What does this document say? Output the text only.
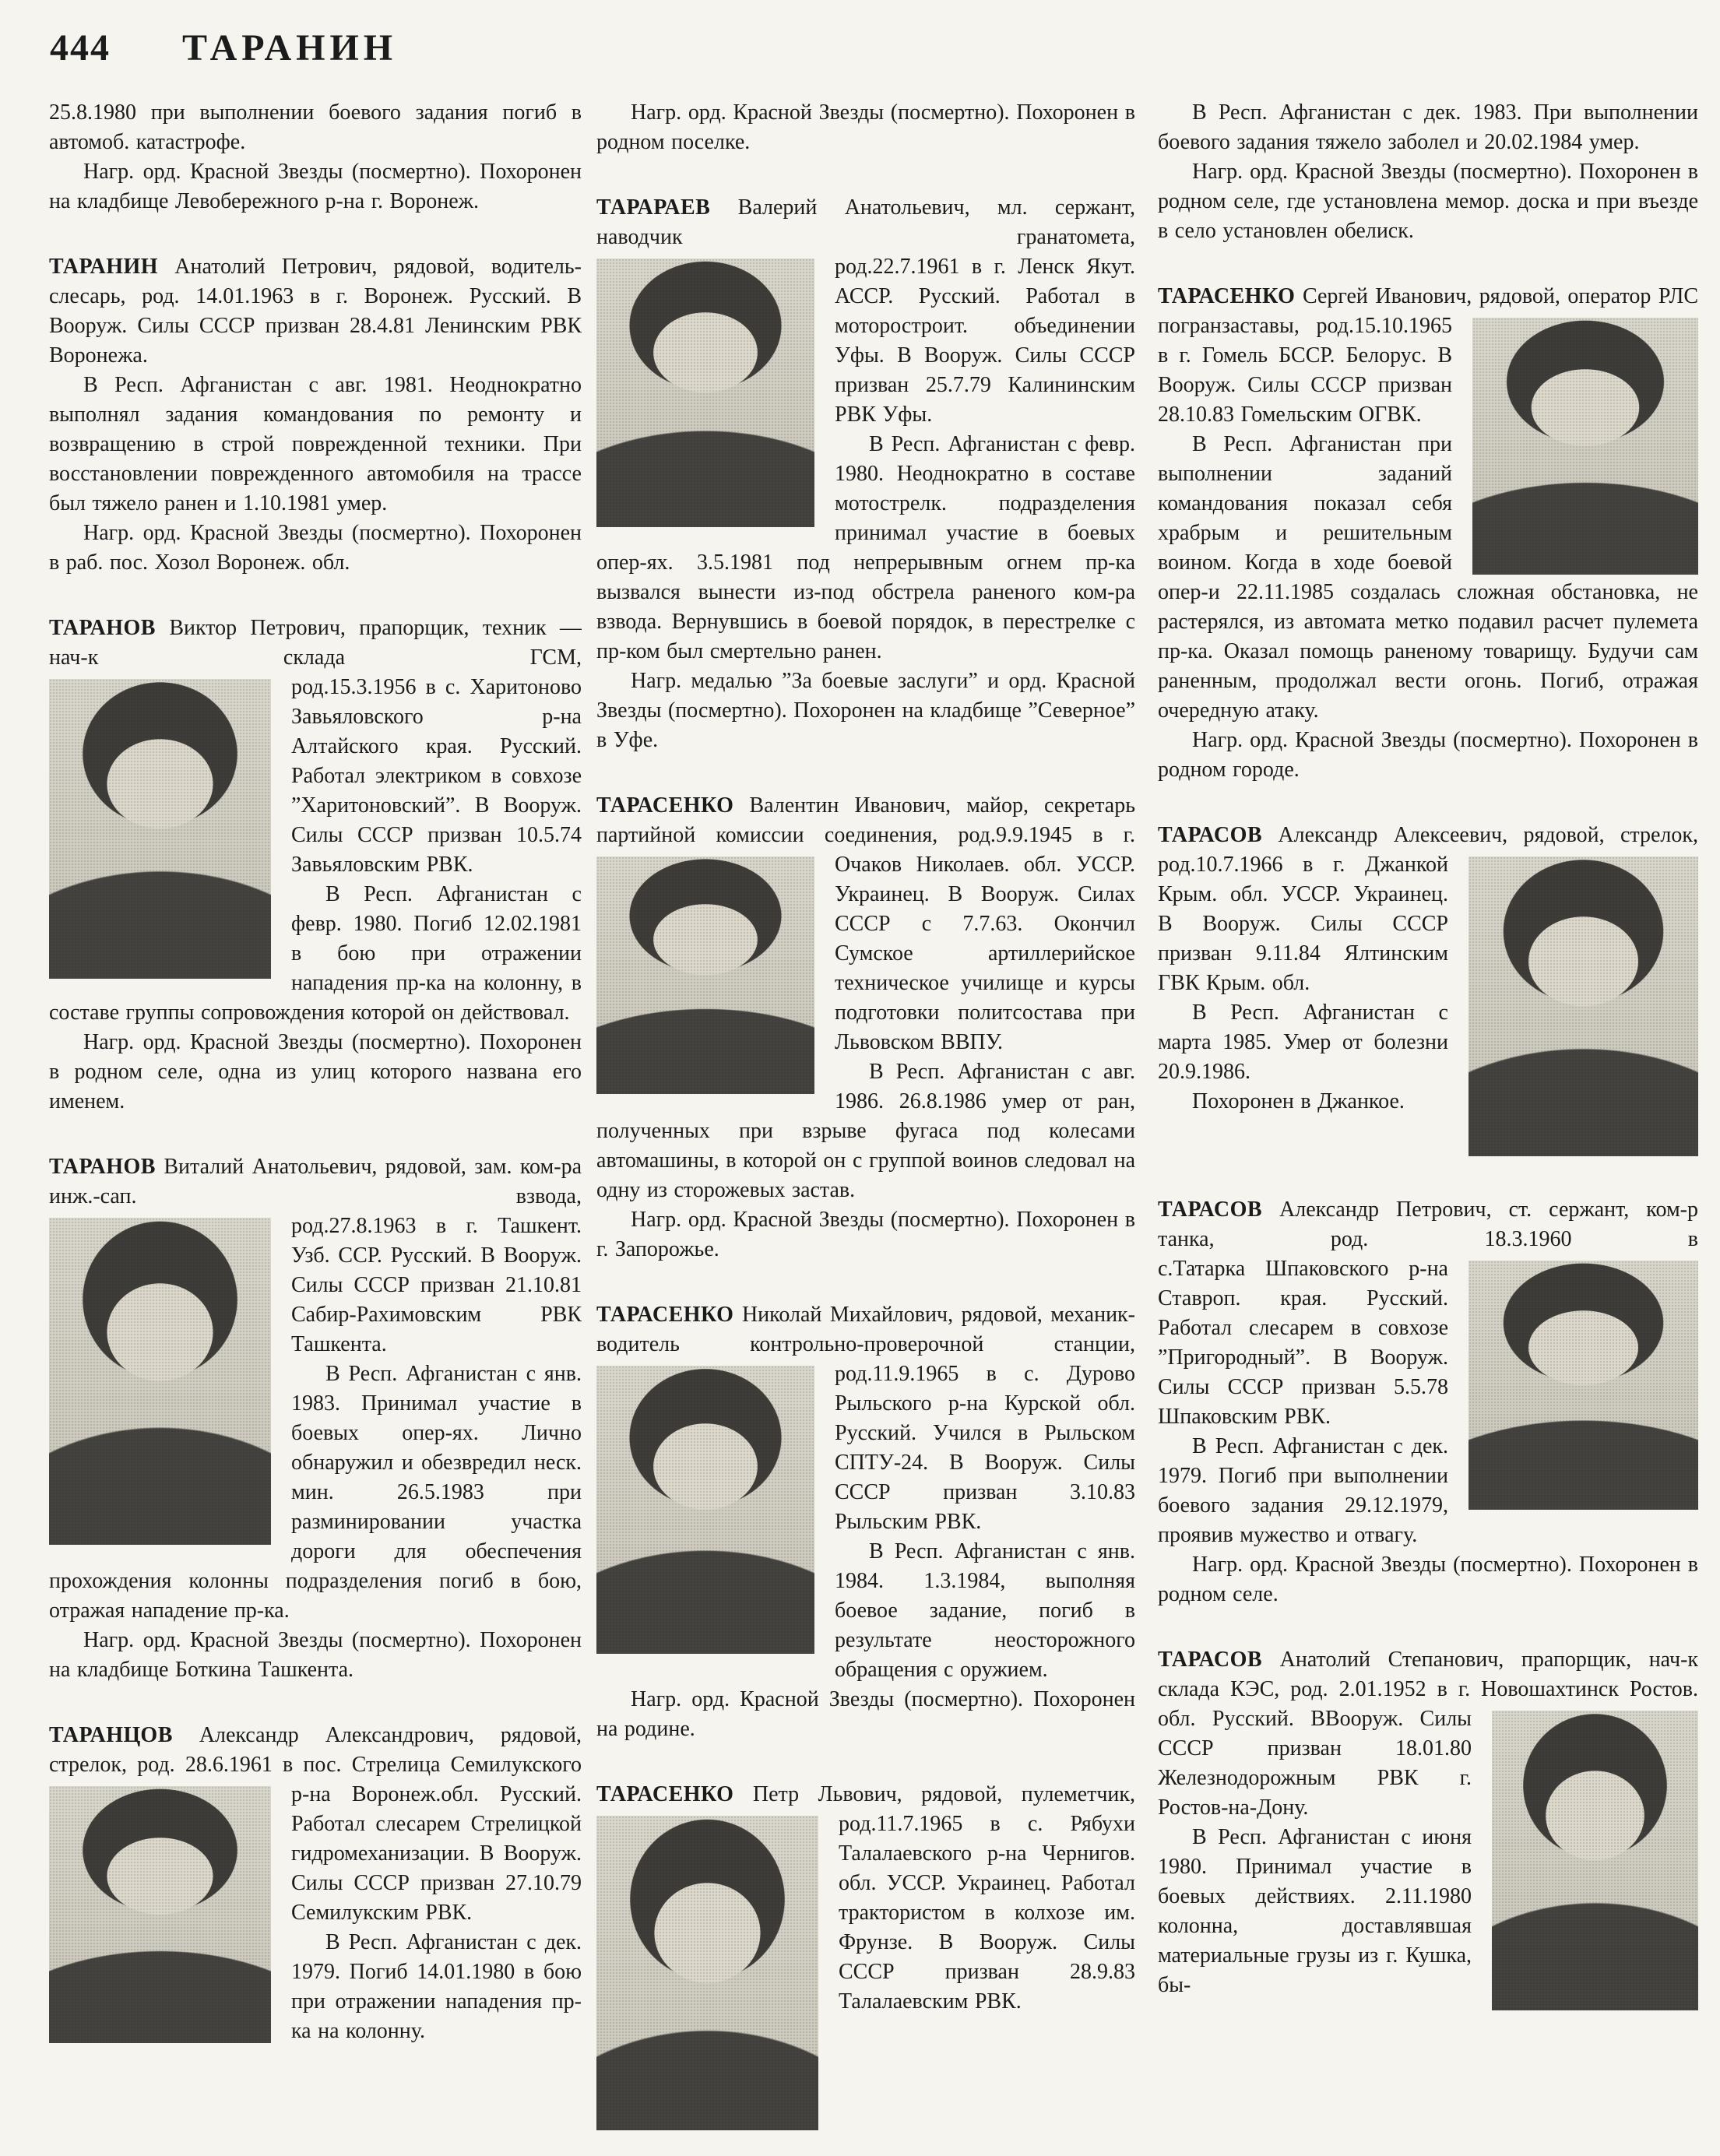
444 ТАРАНИН

25.8.1980 при выполнении боевого задания погиб в автомоб. катастрофе.

Нагр. орд. Красной Звезды (посмертно). Похоронен на кладбище Левобережного р-на г. Воронеж.

ТАРАНИН Анатолий Петрович, рядовой, водитель-слесарь, род. 14.01.1963 в г. Воронеж. Русский. В Вооруж. Силы СССР призван 28.4.81 Ленинским РВК Воронежа.

В Респ. Афганистан с авг. 1981. Неоднократно выполнял задания командования по ремонту и возвращению в строй поврежденной техники. При восстановлении поврежденного автомобиля на трассе был тяжело ранен и 1.10.1981 умер.

Нагр. орд. Красной Звезды (посмертно). Похоронен в раб. пос. Хозол Воронеж. обл.

ТАРАНОВ Виктор Петрович, прапорщик, техник — нач-к склада ГСМ, род.
15.3.1956 в с. Харитоново Завьяловского р-на Алтайского края. Русский. Работал электриком в совхозе ”Харитоновский”. В Вооруж. Силы СССР призван 10.5.74 Завьяловским РВК.

В Респ. Афганистан с февр. 1980. Погиб 12.02.1981 в бою при отражении нападения пр-ка на колонну, в составе группы сопровождения которой он действовал.

Нагр. орд. Красной Звезды (посмертно). Похоронен в родном селе, одна из улиц которого названа его именем.

ТАРАНОВ Виталий Анатольевич, рядовой, зам. ком-ра инж.-сап. взвода, род.
27.8.1963 в г. Ташкент. Узб. ССР. Русский. В Вооруж. Силы СССР призван 21.10.81 Сабир-Рахимовским РВК Ташкента.

В Респ. Афганистан с янв. 1983. Принимал участие в боевых опер-ях. Лично обнаружил и обезвредил неск. мин. 26.5.1983 при разминировании участка дороги для обеспечения прохождения колонны подразделения погиб в бою, отражая нападение пр-ка.

Нагр. орд. Красной Звезды (посмертно). Похоронен на кладбище Боткина Ташкента.

ТАРАНЦОВ Александр Александрович, рядовой, стрелок, род. 28.6.1961 в пос. Стрелица Семилукского р-на Воронеж.
обл. Русский. Работал слесарем Стрелицкой гидромеханизации. В Вооруж. Силы СССР призван 27.10.79 Семилукским РВК.

В Респ. Афганистан с дек. 1979. Погиб 14.01.1980 в бою при отражении нападения пр-ка на колонну.

Нагр. орд. Красной Звезды (посмертно). Похоронен в родном поселке.

ТАРАРАЕВ Валерий Анатольевич, мл. сержант, наводчик гранатомета, род.
22.7.1961 в г. Ленск Якут. АССР. Русский. Работал в моторостроит. объединении Уфы. В Вооруж. Силы СССР призван 25.7.79 Калининским РВК Уфы.

В Респ. Афганистан с февр. 1980. Неоднократно в составе мотострелк. подразделения принимал участие в боевых опер-ях. 3.5.1981 под непрерывным огнем пр-ка вызвался вынести из-под обстрела раненого ком-ра взвода. Вернувшись в боевой порядок, в перестрелке с пр-ком был смертельно ранен.

Нагр. медалью ”За боевые заслуги” и орд. Красной Звезды (посмертно). Похоронен на кладбище ”Северное” в Уфе.

ТАРАСЕНКО Валентин Иванович, майор, секретарь партийной комиссии соединения, род.
9.9.1945 в г. Очаков Николаев. обл. УССР. Украинец. В Вооруж. Силах СССР с 7.7.63. Окончил Сумское артиллерийское техническое училище и курсы подготовки политсостава при Львовском ВВПУ.

В Респ. Афганистан с авг. 1986. 26.8.1986 умер от ран, полученных при взрыве фугаса под колесами автомашины, в которой он с группой воинов следовал на одну из сторожевых застав.

Нагр. орд. Красной Звезды (посмертно). Похоронен в г. Запорожье.

ТАРАСЕНКО Николай Михайлович, рядовой, механик-водитель контрольно-проверочной станции, род.
11.9.1965 в с. Дурово Рыльского р-на Курской обл. Русский. Учился в Рыльском СПТУ-24. В Вооруж. Силы СССР призван 3.10.83 Рыльским РВК.

В Респ. Афганистан с янв. 1984. 1.3.1984, выполняя боевое задание, погиб в результате неосторожного обращения с оружием.

Нагр. орд. Красной Звезды (посмертно). Похоронен на родине.

ТАРАСЕНКО Петр Львович, рядовой, пулеметчик, род.
11.7.1965 в с. Рябухи Талалаевского р-на Чернигов. обл. УССР. Украинец. Работал трактористом в колхозе им. Фрунзе. В Вооруж. Силы СССР призван 28.9.83 Талалаевским РВК.

В Респ. Афганистан с дек. 1983. При выполнении боевого задания тяжело заболел и 20.02.1984 умер.

Нагр. орд. Красной Звезды (посмертно). Похоронен в родном селе, где установлена мемор. доска и при въезде в село установлен обелиск.

ТАРАСЕНКО Сергей Иванович, рядовой, оператор РЛС погранзаставы, род.
15.10.1965 в г. Гомель БССР. Белорус. В Вооруж. Силы СССР призван 28.10.83 Гомельским ОГВК.

В Респ. Афганистан при выполнении заданий командования показал себя храбрым и решительным воином. Когда в ходе боевой опер-и 22.11.1985 создалась сложная обстановка, не растерялся, из автомата метко подавил расчет пулемета пр-ка. Оказал помощь раненому товарищу. Будучи сам раненным, продолжал вести огонь. Погиб, отражая очередную атаку.

Нагр. орд. Красной Звезды (посмертно). Похоронен в родном городе.

ТАРАСОВ Александр Алексеевич, рядовой, стрелок, род.
10.7.1966 в г. Джанкой Крым. обл. УССР. Украинец. В Вооруж. Силы СССР призван 9.11.84 Ялтинским ГВК Крым. обл.

В Респ. Афганистан с марта 1985. Умер от болезни 20.9.1986.

Похоронен в Джанкое.

ТАРАСОВ Александр Петрович, ст. сержант, ком-р танка, род. 18.3.1960 в с.
Татарка Шпаковского р-на Ставроп. края. Русский. Работал слесарем в совхозе ”Пригородный”. В Вооруж. Силы СССР призван 5.5.78 Шпаковским РВК.

В Респ. Афганистан с дек. 1979. Погиб при выполнении боевого задания 29.12.1979, проявив мужество и отвагу.

Нагр. орд. Красной Звезды (посмертно). Похоронен в родном селе.

ТАРАСОВ Анатолий Степанович, прапорщик, нач-к склада КЭС, род. 2.01.1952 в г. Новошахтинск Ростов. обл. Русский. В
Вооруж. Силы СССР призван 18.01.80 Железнодорожным РВК г. Ростов-на-Дону.

В Респ. Афганистан с июня 1980. Принимал участие в боевых действиях. 2.11.1980 колонна, доставлявшая материальные грузы из г. Кушка, бы-
